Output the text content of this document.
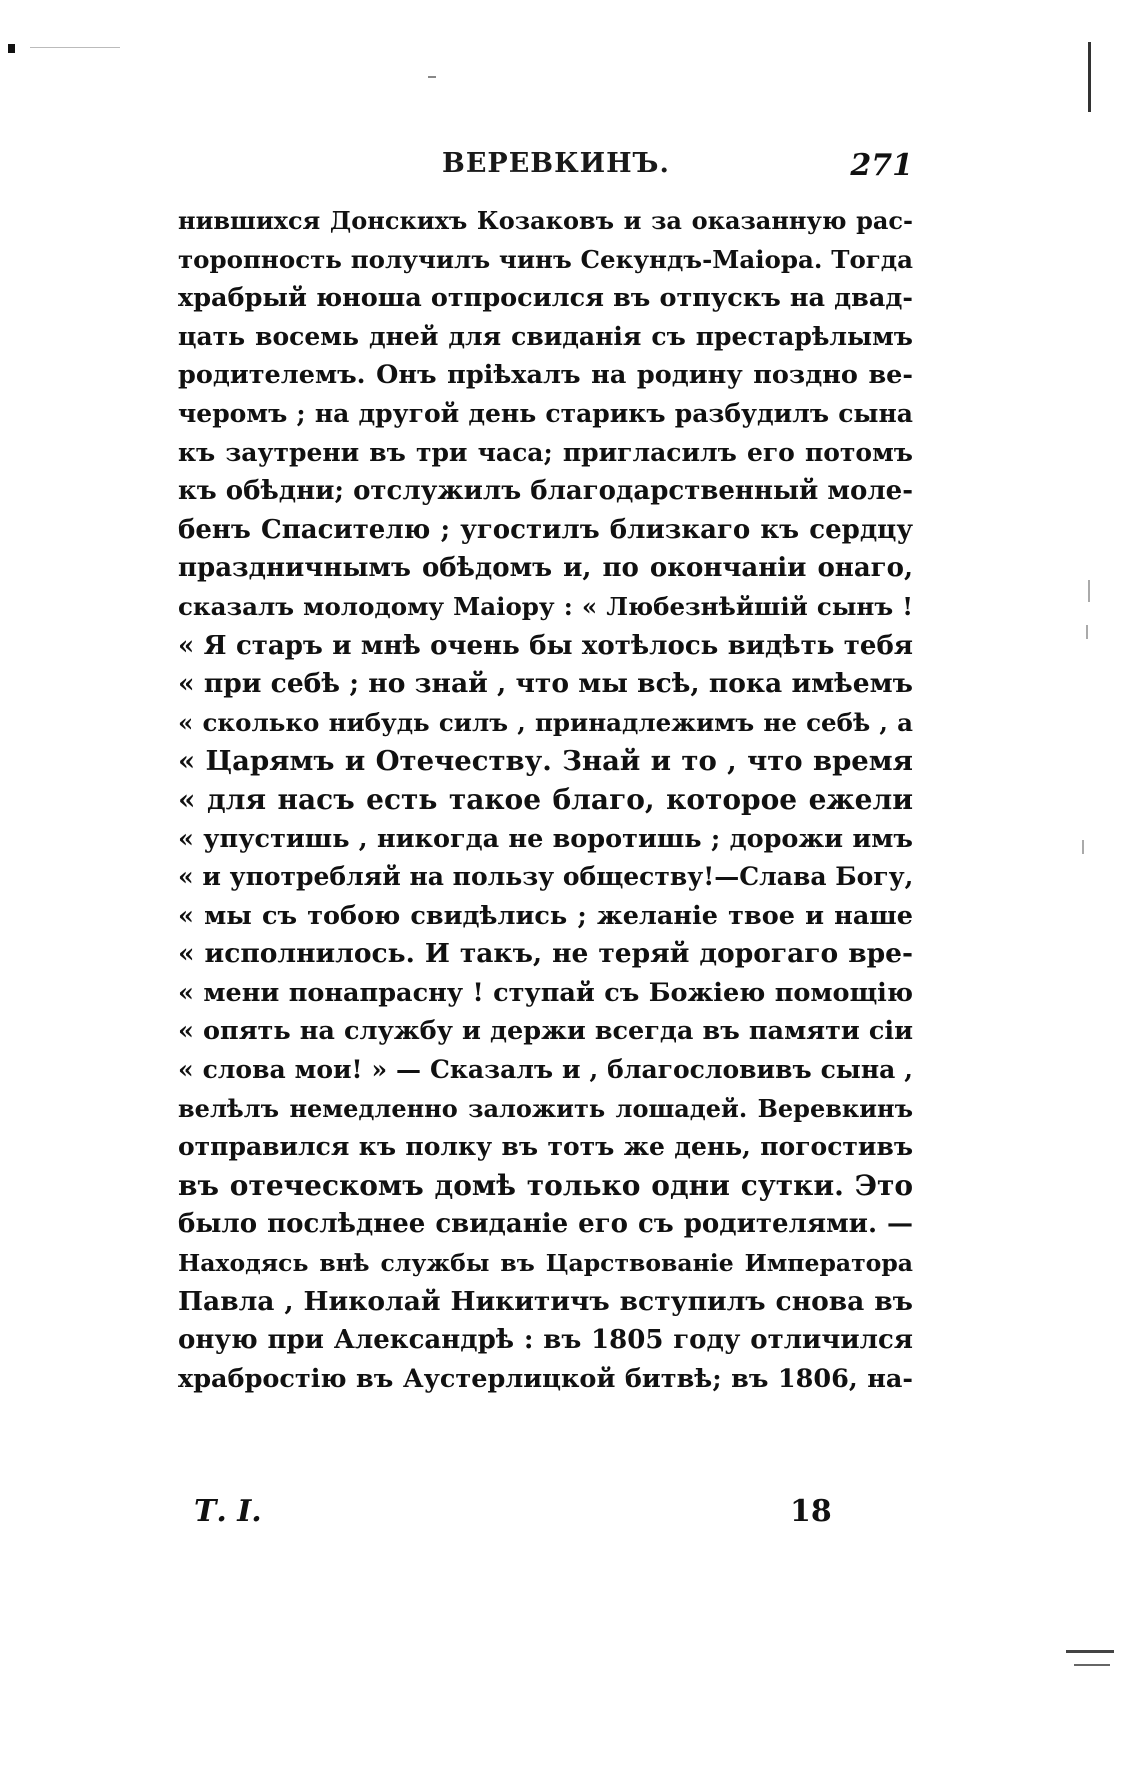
ВЕРЕВКИНЪ.	271
нившихся Донскихъ Козаковъ и за оказанную рас-
торопность получилъ чинъ Секундъ-Маіора. Тогда
храбрый юноша отпросился въ отпускъ на двад-
цать восемь дней для свиданія съ престарѣлымъ
родителемъ. Онъ пріѣхалъ на родину поздно ве-
черомъ ; на другой день старикъ разбудилъ сына
къ заутрени въ три часа; пригласилъ его потомъ
къ обѣдни; отслужилъ благодарственный моле-
бенъ Спасителю ; угостилъ близкаго къ сердцу
праздничнымъ обѣдомъ и, по окончаніи онаго,
сказалъ молодому Маіору : « Любезнѣйшій сынъ !
« Я старъ и мнѣ очень бы хотѣлось видѣть тебя
« при себѣ ; но знай , что мы всѣ, пока имѣемъ
« сколько нибудь силъ , принадлежимъ не себѣ , а
« Царямъ и Отечеству. Знай и то , что время
« для насъ есть такое благо, которое ежели
« упустишь , никогда не воротишь ; дорожи имъ
« и употребляй на пользу обществу!—Слава Богу,
« мы съ тобою свидѣлись ; желаніе твое и наше
« исполнилось. И такъ, не теряй дорогаго вре-
« мени понапрасну ! ступай съ Божіею помощію
« опять на службу и держи всегда въ памяти сіи
« слова мои! » — Сказалъ и , благословивъ сына ,
велѣлъ немедленно заложить лошадей. Веревкинъ
отправился къ полку въ тотъ же день, погостивъ
въ отеческомъ домѣ только одни сутки. Это
было послѣднее свиданіе его съ родителями. —
Находясь внѣ службы въ Царствованіе Императора
Павла , Николай Никитичъ вступилъ снова въ
оную при Александрѣ : въ 1805 году отличился
храбростію въ Аустерлицкой битвѣ; въ 1806, на-
Т. I.	18
